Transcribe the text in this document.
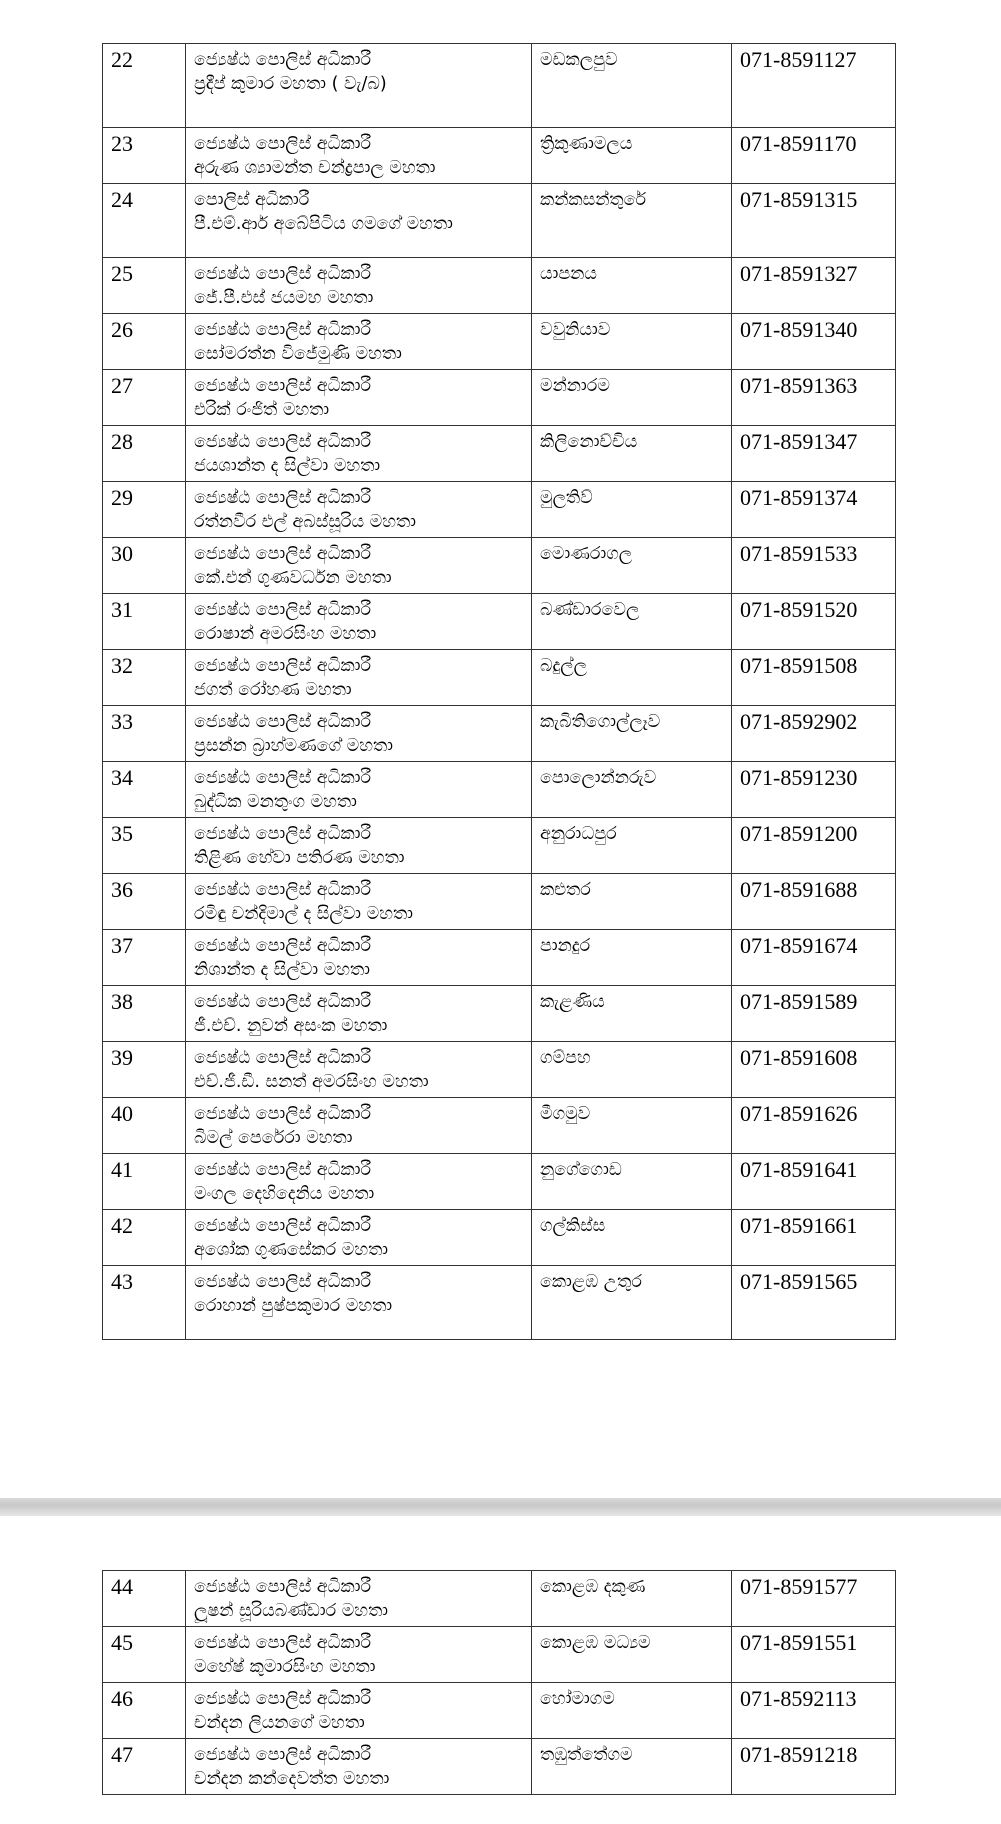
22	ජ්‍යෙෂ්ඨ පොලිස් අධිකාරී
ප්‍රදීප් කුමාර මහතා ( වැ/බ)	මඩකලපුව	071-8591127
23	ජ්‍යෙෂ්ඨ පොලිස් අධිකාරී
අරුණ ශ්‍යාමන්ත චන්ද්‍රපාල මහතා	ත්‍රිකුණාමලය	071-8591170
24	පොලිස් අධිකාරී
පී.එම්.ආර් අබේපිටිය ගමගේ මහතා	කන්කසන්තුරේ	071-8591315
25	ජ්‍යෙෂ්ඨ පොලිස් අධිකාරී
ජේ.පී.එස් ජයමහ මහතා	යාපනය	071-8591327
26	ජ්‍යෙෂ්ඨ පොලිස් අධිකාරී
සෝමරත්න විජේමුණි මහතා	වවුනියාව	071-8591340
27	ජ්‍යෙෂ්ඨ පොලිස් අධිකාරී
එරික් රංජිත් මහතා	මන්නාරම	071-8591363
28	ජ්‍යෙෂ්ඨ පොලිස් අධිකාරී
ජයශාන්ත ද සිල්වා මහතා	කිලිනොච්චිය	071-8591347
29	ජ්‍යෙෂ්ඨ පොලිස් අධිකාරී
රත්නවීර එල් අබස්සූරිය මහතා	මුලතිව්	071-8591374
30	ජ්‍යෙෂ්ඨ පොලිස් අධිකාරී
කේ.එන් ගුණවර්ධන මහතා	මොණරාගල	071-8591533
31	ජ්‍යෙෂ්ඨ පොලිස් අධිකාරී
රොෂාන් අමරසිංහ මහතා	බණ්ඩාරවෙල	071-8591520
32	ජ්‍යෙෂ්ඨ පොලිස් අධිකාරී
ජගත් රෝහණ මහතා	බදුල්ල	071-8591508
33	ජ්‍යෙෂ්ඨ පොලිස් අධිකාරී
ප්‍රසන්න බ්‍රාහ්මණගේ මහතා	කැබිතිගොල්ලෑව	071-8592902
34	ජ්‍යෙෂ්ඨ පොලිස් අධිකාරී
බුද්ධික මනතුංග මහතා	පොලොන්නරුව	071-8591230
35	ජ්‍යෙෂ්ඨ පොලිස් අධිකාරී
තිළිණ හේවා පතිරණ මහතා	අනුරාධපුර	071-8591200
36	ජ්‍යෙෂ්ඨ පොලිස් අධිකාරී
රමිඳු චන්දිමාල් ද සිල්වා මහතා	කළුතර	071-8591688
37	ජ්‍යෙෂ්ඨ පොලිස් අධිකාරී
නිශාන්ත ද සිල්වා මහතා	පානදුර	071-8591674
38	ජ්‍යෙෂ්ඨ පොලිස් අධිකාරී
ජී.එච්. නුවන් අසංක මහතා	කැළණිය	071-8591589
39	ජ්‍යෙෂ්ඨ පොලිස් අධිකාරී
එච්.ජී.ඩී. සනත් අමරසිංහ මහතා	ගම්පහ	071-8591608
40	ජ්‍යෙෂ්ඨ පොලිස් අධිකාරී
බිමල් පෙරේරා මහතා	මීගමුව	071-8591626
41	ජ්‍යෙෂ්ඨ පොලිස් අධිකාරී
මංගල දෙහිදෙනිය මහතා	නුගේගොඩ	071-8591641
42	ජ්‍යෙෂ්ඨ පොලිස් අධිකාරී
අශෝක ගුණසේකර මහතා	ගල්කිස්ස	071-8591661
43	ජ්‍යෙෂ්ඨ පොලිස් අධිකාරී
රොහාන් පුෂ්පකුමාර මහතා	කොළඹ උතුර	071-8591565
44	ජ්‍යෙෂ්ඨ පොලිස් අධිකාරී
ලූෂන් සූරියබණ්ඩාර මහතා	කොළඹ දකුණ	071-8591577
45	ජ්‍යෙෂ්ඨ පොලිස් අධිකාරී
මහේෂ් කුමාරසිංහ මහතා	කොළඹ මධ්‍යම	071-8591551
46	ජ්‍යෙෂ්ඨ පොලිස් අධිකාරී
චන්දන ලියනගේ මහතා	හෝමාගම	071-8592113
47	ජ්‍යෙෂ්ඨ පොලිස් අධිකාරී
චන්දන කන්දෙවත්ත මහතා	තඹුත්තේගම	071-8591218
